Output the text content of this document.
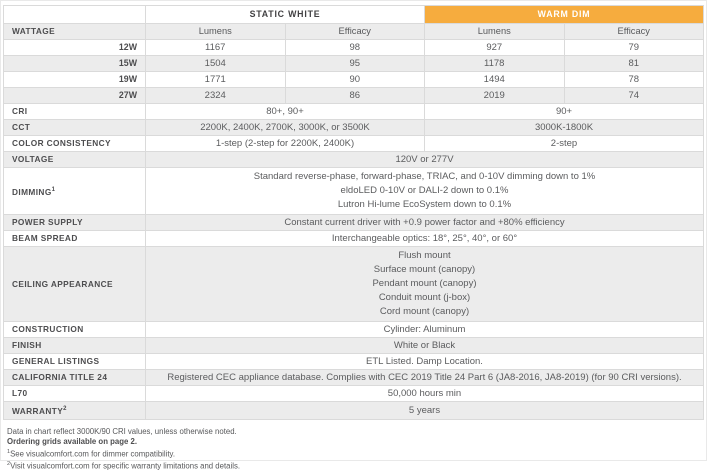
	STATIC WHITE		WARM DIM	
WATTAGE	Lumens	Efficacy	Lumens	Efficacy
12W	1167	98	927	79
15W	1504	95	1178	81
19W	1771	90	1494	78
27W	2324	86	2019	74
CRI	80+, 90+		90+	
CCT	2200K, 2400K, 2700K, 3000K, or 3500K		3000K-1800K	
COLOR CONSISTENCY	1-step (2-step for 2200K, 2400K)		2-step	
VOLTAGE	120V or 277V			
DIMMING$^1$	Standard reverse-phase, forward-phase, TRIAC, and 0-10V dimming down to 1%
eldoLED 0-10V or DALI-2 down to 0.1%
Lutron Hi-lume EcoSystem down to 0.1%			

POWER SUPPLY	Constant current driver with +0.9 power factor and +80% efficiency			
BEAM SPREAD	Interchangeable optics: 18°, 25°, 40°, or 60°			
CEILING APPEARANCE	Flush mount
Surface mount (canopy)
Pendant mount (canopy)
Conduit mount (j-box)
Cord mount (canopy)			

CONSTRUCTION	Cylinder: Aluminum			
FINISH	White or Black			
GENERAL LISTINGS	ETL Listed. Damp Location.			
CALIFORNIA TITLE 24	Registered CEC appliance database. Complies with CEC 2019 Title 24 Part 6 (JA8-2016, JA8-2019) (for 90 CRI versions).			
L70	50,000 hours min			
WARRANTY$^2$	5 years			
Data in chart reflect 3000K/90 CRI values, unless otherwise noted.
Ordering grids available on page 2.
$^1$See visualcomfort.com for dimmer compatibility.
$^2$Visit visualcomfort.com for specific warranty limitations and details.
